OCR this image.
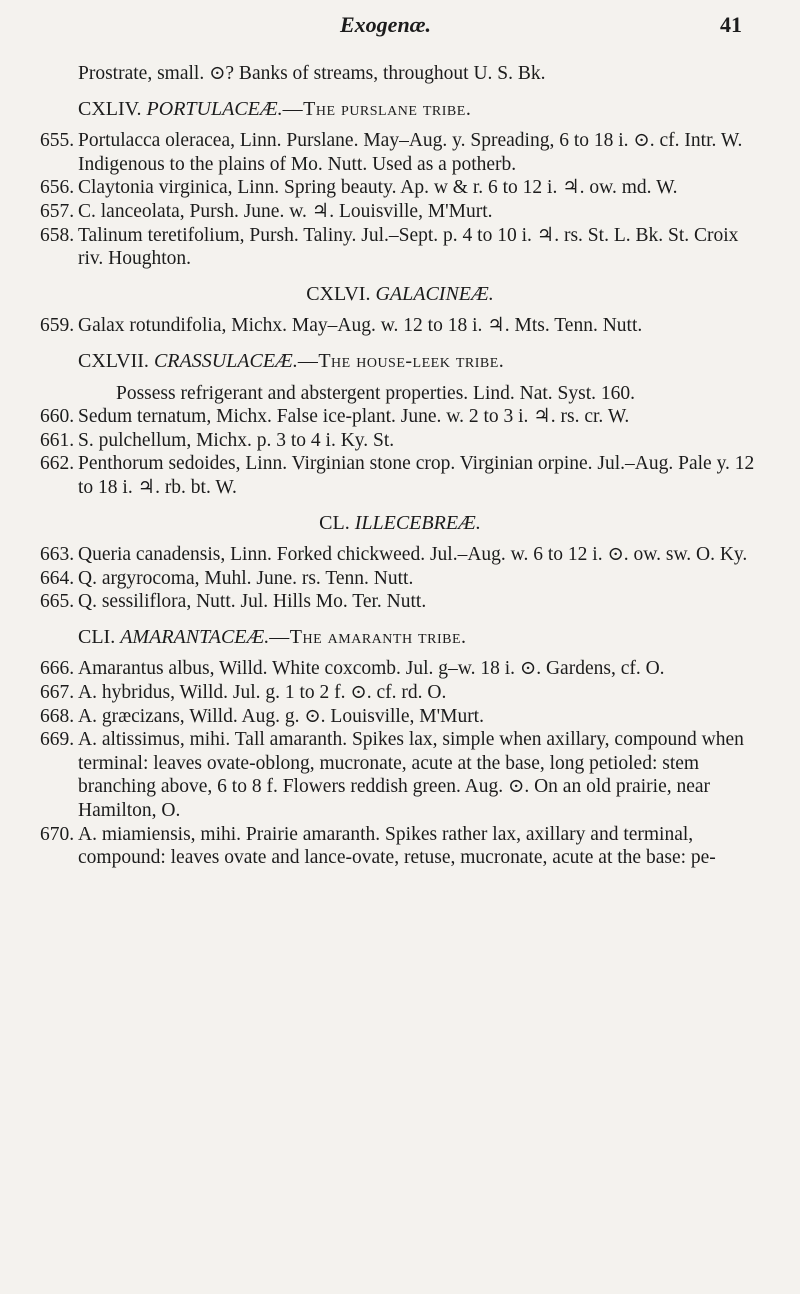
Exogenæ.	41

Prostrate, small. ⊙? Banks of streams, throughout U. S. Bk.

CXLIV. PORTULACEÆ.—The purslane tribe.

655. Portulacca oleracea, Linn. Purslane. May–Aug. y. Spreading, 6 to 18 i. ⊙. cf. Intr. W. Indigenous to the plains of Mo. Nutt. Used as a potherb.

656. Claytonia virginica, Linn. Spring beauty. Ap. w & r. 6 to 12 i. ♃. ow. md. W.

657. C. lanceolata, Pursh. June. w. ♃. Louisville, M'Murt.

658. Talinum teretifolium, Pursh. Taliny. Jul.–Sept. p. 4 to 10 i. ♃. rs. St. L. Bk. St. Croix riv. Houghton.

CXLVI. GALACINEÆ.

659. Galax rotundifolia, Michx. May–Aug. w. 12 to 18 i. ♃. Mts. Tenn. Nutt.

CXLVII. CRASSULACEÆ.—The house-leek tribe.

Possess refrigerant and abstergent properties. Lind. Nat. Syst. 160.

660. Sedum ternatum, Michx. False ice-plant. June. w. 2 to 3 i. ♃. rs. cr. W.

661. S. pulchellum, Michx. p. 3 to 4 i. Ky. St.

662. Penthorum sedoides, Linn. Virginian stone crop. Virginian orpine. Jul.–Aug. Pale y. 12 to 18 i. ♃. rb. bt. W.

CL. ILLECEBREÆ.

663. Queria canadensis, Linn. Forked chickweed. Jul.–Aug. w. 6 to 12 i. ⊙. ow. sw. O. Ky.

664. Q. argyrocoma, Muhl. June. rs. Tenn. Nutt.

665. Q. sessiliflora, Nutt. Jul. Hills Mo. Ter. Nutt.

CLI. AMARANTACEÆ.—The amaranth tribe.

666. Amarantus albus, Willd. White coxcomb. Jul. g–w. 18 i. ⊙. Gardens, cf. O.

667. A. hybridus, Willd. Jul. g. 1 to 2 f. ⊙. cf. rd. O.

668. A. græcizans, Willd. Aug. g. ⊙. Louisville, M'Murt.

669. A. altissimus, mihi. Tall amaranth. Spikes lax, simple when axillary, compound when terminal: leaves ovate-oblong, mucronate, acute at the base, long petioled: stem branching above, 6 to 8 f. Flowers reddish green. Aug. ⊙. On an old prairie, near Hamilton, O.

670. A. miamiensis, mihi. Prairie amaranth. Spikes rather lax, axillary and terminal, compound: leaves ovate and lance-ovate, retuse, mucronate, acute at the base: pe-
